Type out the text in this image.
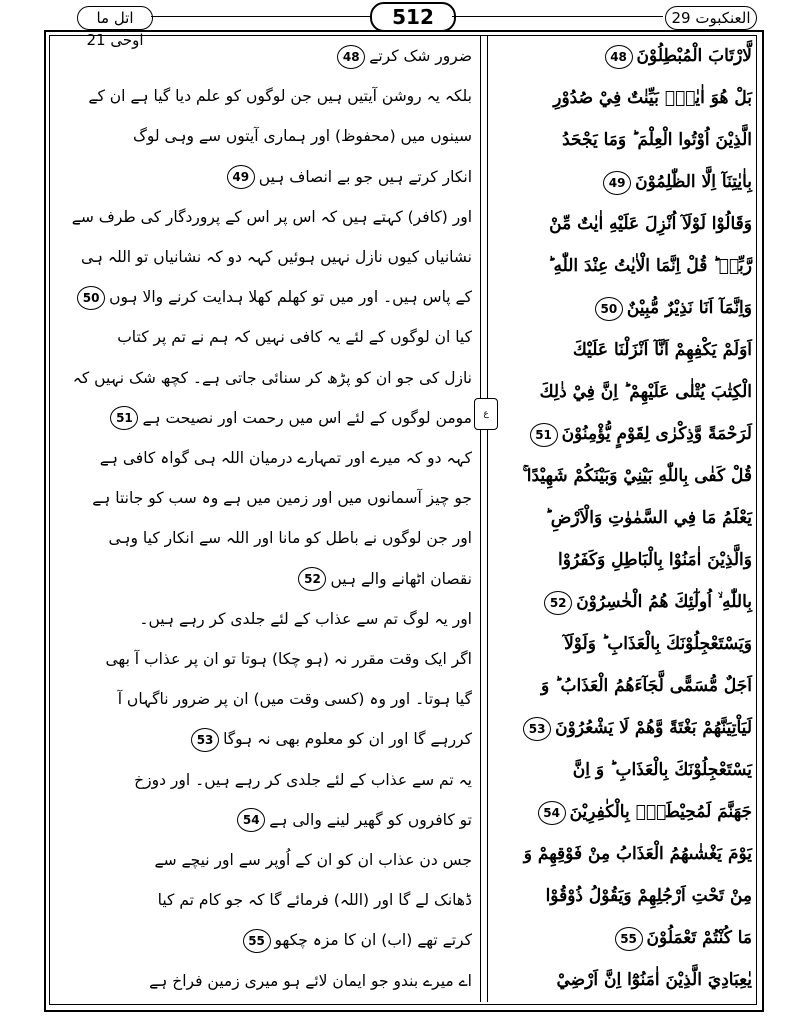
اتل ما اوحی 21
512	العنکبوت 29
ع
ضرور شک کرتے48
بلکہ یہ روشن آیتیں ہیں جن لوگوں کو علم دیا گیا ہے ان کے
سینوں میں (محفوظ) اور ہماری آیتوں سے وہی لوگ
انکار کرتے ہیں جو بے انصاف ہیں49
اور (کافر) کہتے ہیں کہ اس پر اس کے پروردگار کی طرف سے
نشانیاں کیوں نازل نہیں ہوئیں کہہ دو کہ نشانیاں تو اللہ ہی
کے پاس ہیں۔ اور میں تو کھلم کھلا ہدایت کرنے والا ہوں50
کیا ان لوگوں کے لئے یہ کافی نہیں کہ ہم نے تم پر کتاب
نازل کی جو ان کو پڑھ کر سنائی جاتی ہے۔ کچھ شک نہیں کہ
مومن لوگوں کے لئے اس میں رحمت اور نصیحت ہے51
کہہ دو کہ میرے اور تمہارے درمیان اللہ ہی گواہ کافی ہے
جو چیز آسمانوں میں اور زمین میں ہے وہ سب کو جانتا ہے
اور جن لوگوں نے باطل کو مانا اور اللہ سے انکار کیا وہی
نقصان اٹھانے والے ہیں52
اور یہ لوگ تم سے عذاب کے لئے جلدی کر رہے ہیں۔
اگر ایک وقت مقرر نہ (ہو چکا) ہوتا تو ان پر عذاب آ بھی
گیا ہوتا۔ اور وہ (کسی وقت میں) ان پر ضرور ناگہاں آ
کررہے گا اور ان کو معلوم بھی نہ ہوگا53
یہ تم سے عذاب کے لئے جلدی کر رہے ہیں۔ اور دوزخ
تو کافروں کو گھیر لینے والی ہے54
جس دن عذاب ان کو ان کے اُوپر سے اور نیچے سے
ڈھانک لے گا اور (اللہ) فرمائے گا کہ جو کام تم کیا
کرتے تھے (اب) ان کا مزہ چکھو55
اے میرے بندو جو ایمان لائے ہو میری زمین فراخ ہے
لَّارْتَابَ الْمُبْطِلُوْنَ48
بَلْ هُوَ اٰيٰتٌۢ بَيِّنٰتٌ فِيْ صُدُوْرِ
الَّذِيْنَ اُوْتُوا الْعِلْمَ ؕ وَمَا يَجْحَدُ
بِاٰيٰتِنَآ اِلَّا الظّٰلِمُوْنَ49
وَقَالُوْا لَوْلَآ اُنْزِلَ عَلَيْهِ اٰيٰتٌ مِّنْ
رَّبِّهٖ ؕ قُلْ اِنَّمَا الْاٰيٰتُ عِنْدَ اللّٰهِ ؕ
وَاِنَّمَآ اَنَا نَذِيْرٌ مُّبِيْنٌ50
اَوَلَمْ يَكْفِهِمْ اَنَّآ اَنْزَلْنَا عَلَيْكَ
الْكِتٰبَ يُتْلٰى عَلَيْهِمْ ؕ اِنَّ فِيْ ذٰلِكَ
لَرَحْمَةً وَّذِكْرٰى لِقَوْمٍ يُّؤْمِنُوْنَ51
قُلْ كَفٰى بِاللّٰهِ بَيْنِيْ وَبَيْنَكُمْ شَهِيْدًا ۚ
يَعْلَمُ مَا فِي السَّمٰوٰتِ وَالْاَرْضِ ؕ
وَالَّذِيْنَ اٰمَنُوْا بِالْبَاطِلِ وَكَفَرُوْا
بِاللّٰهِ ۙ اُولٰٓئِكَ هُمُ الْخٰسِرُوْنَ52
وَيَسْتَعْجِلُوْنَكَ بِالْعَذَابِ ؕ وَلَوْلَآ
اَجَلٌ مُّسَمًّى لَّجَآءَهُمُ الْعَذَابُ ؕ وَ
لَيَاْتِيَنَّهُمْ بَغْتَةً وَّهُمْ لَا يَشْعُرُوْنَ53
يَسْتَعْجِلُوْنَكَ بِالْعَذَابِ ؕ وَ اِنَّ
جَهَنَّمَ لَمُحِيْطَةٌۢ بِالْكٰفِرِيْنَ54
يَوْمَ يَغْشٰىهُمُ الْعَذَابُ مِنْ فَوْقِهِمْ وَ
مِنْ تَحْتِ اَرْجُلِهِمْ وَيَقُوْلُ ذُوْقُوْا
مَا كُنْتُمْ تَعْمَلُوْنَ55
يٰعِبَادِيَ الَّذِيْنَ اٰمَنُوْٓا اِنَّ اَرْضِيْ
